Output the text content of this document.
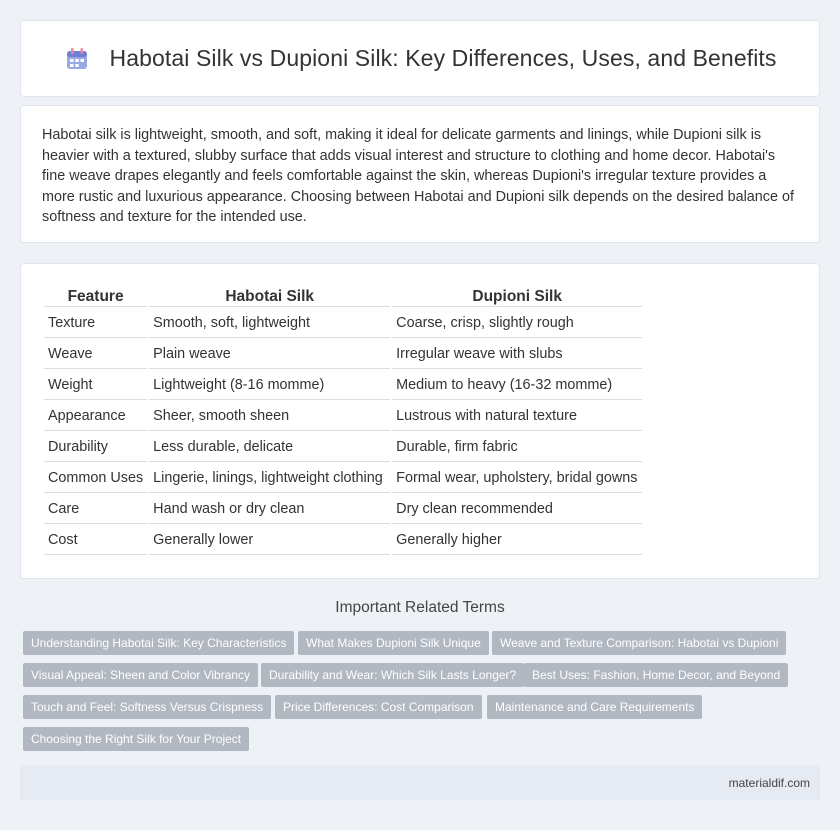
Habotai Silk vs Dupioni Silk: Key Differences, Uses, and Benefits
Habotai silk is lightweight, smooth, and soft, making it ideal for delicate garments and linings, while Dupioni silk is heavier with a textured, slubby surface that adds visual interest and structure to clothing and home decor. Habotai's fine weave drapes elegantly and feels comfortable against the skin, whereas Dupioni's irregular texture provides a more rustic and luxurious appearance. Choosing between Habotai and Dupioni silk depends on the desired balance of softness and texture for the intended use.
Feature	Habotai Silk	Dupioni Silk
Texture	Smooth, soft, lightweight	Coarse, crisp, slightly rough
Weave	Plain weave	Irregular weave with slubs
Weight	Lightweight (8-16 momme)	Medium to heavy (16-32 momme)
Appearance	Sheer, smooth sheen	Lustrous with natural texture
Durability	Less durable, delicate	Durable, firm fabric
Common Uses	Lingerie, linings, lightweight clothing	Formal wear, upholstery, bridal gowns
Care	Hand wash or dry clean	Dry clean recommended
Cost	Generally lower	Generally higher
Important Related Terms
Understanding Habotai Silk: Key Characteristics	What Makes Dupioni Silk Unique	Weave and Texture Comparison: Habotai vs Dupioni
Visual Appeal: Sheen and Color Vibrancy	Durability and Wear: Which Silk Lasts Longer?	Best Uses: Fashion, Home Decor, and Beyond
Touch and Feel: Softness Versus Crispness	Price Differences: Cost Comparison	Maintenance and Care Requirements
Choosing the Right Silk for Your Project
materialdif.com
